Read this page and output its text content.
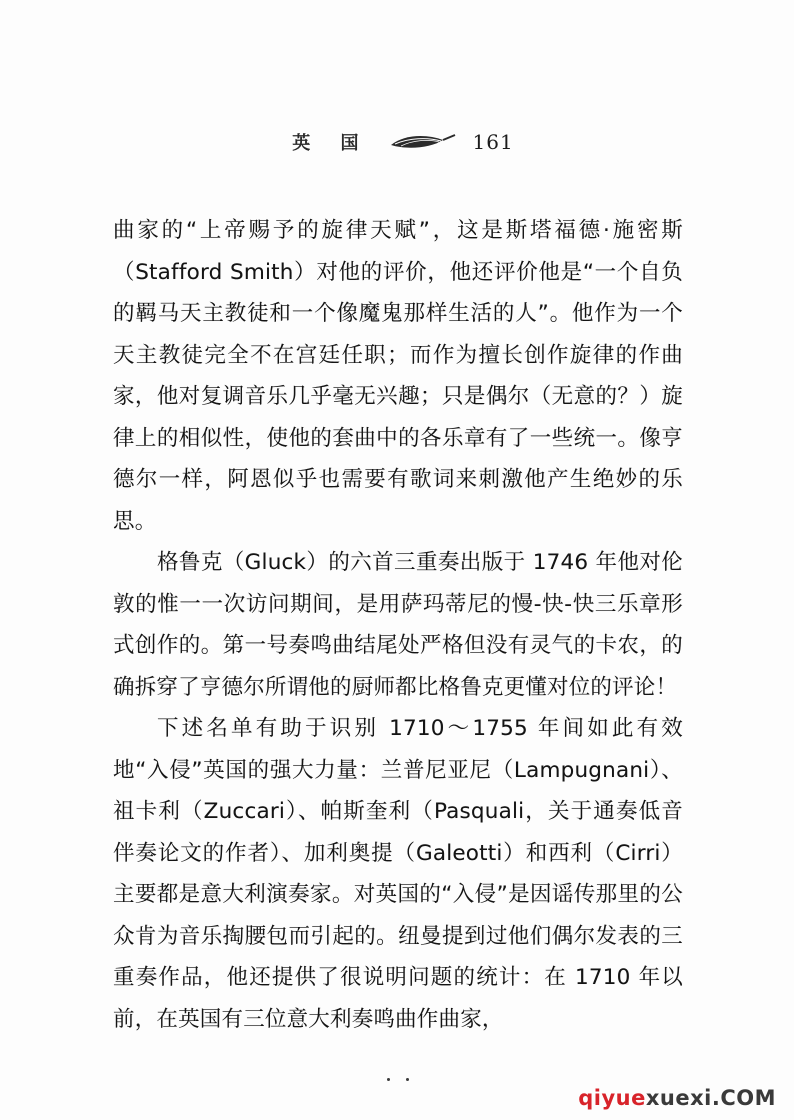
英 国	161

曲家的“上帝赐予的旋律天赋”，这是斯塔福德·施密斯（Stafford Smith）对他的评价，他还评价他是“一个自负的羁马天主教徒和一个像魔鬼那样生活的人”。他作为一个天主教徒完全不在宫廷任职；而作为擅长创作旋律的作曲家，他对复调音乐几乎毫无兴趣；只是偶尔（无意的？）旋律上的相似性，使他的套曲中的各乐章有了一些统一。像亨德尔一样，阿恩似乎也需要有歌词来刺激他产生绝妙的乐思。

格鲁克（Gluck）的六首三重奏出版于 1746 年他对伦敦的惟一一次访问期间，是用萨玛蒂尼的慢-快-快三乐章形式创作的。第一号奏鸣曲结尾处严格但没有灵气的卡农，的确拆穿了亨德尔所谓他的厨师都比格鲁克更懂对位的评论！

下述名单有助于识别 1710～1755 年间如此有效地“入侵”英国的强大力量：兰普尼亚尼（Lampugnani）、祖卡利（Zuccari）、帕斯奎利（Pasquali，关于通奏低音伴奏论文的作者）、加利奥提（Galeotti）和西利（Cirri）主要都是意大利演奏家。对英国的“入侵”是因谣传那里的公众肯为音乐掏腰包而引起的。纽曼提到过他们偶尔发表的三重奏作品，他还提供了很说明问题的统计：在 1710 年以前，在英国有三位意大利奏鸣曲作曲家，

qiyuexuexi.COM
